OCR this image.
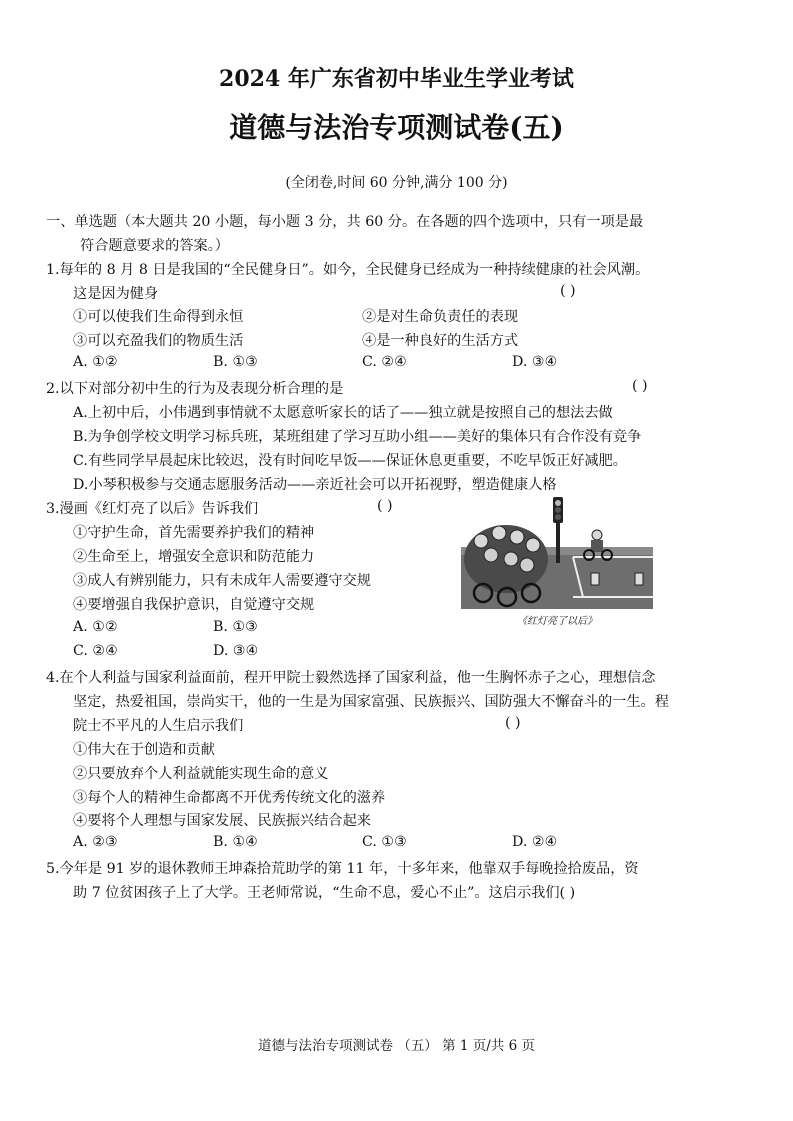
2024 年广东省初中毕业生学业考试
道德与法治专项测试卷(五)
(全闭卷,时间 60 分钟,满分 100 分)
一、单选题（本大题共 20 小题，每小题 3 分，共 60 分。在各题的四个选项中，只有一项是最
符合题意要求的答案。）
1.每年的 8 月 8 日是我国的“全民健身日”。如今，全民健身已经成为一种持续健康的社会风潮。
这是因为健身	( )
①可以使我们生命得到永恒	②是对生命负责任的表现
③可以充盈我们的物质生活	④是一种良好的生活方式
A. ①②	B. ①③	C. ②④	D. ③④
2.以下对部分初中生的行为及表现分析合理的是	( )
A.上初中后，小伟遇到事情就不太愿意听家长的话了——独立就是按照自己的想法去做
B.为争创学校文明学习标兵班，某班组建了学习互助小组——美好的集体只有合作没有竞争
C.有些同学早晨起床比较迟，没有时间吃早饭——保证休息更重要，不吃早饭正好减肥。
D.小琴积极参与交通志愿服务活动——亲近社会可以开拓视野，塑造健康人格
3.漫画《红灯亮了以后》告诉我们	( )
①守护生命，首先需要养护我们的精神
②生命至上，增强安全意识和防范能力
③成人有辨别能力，只有未成年人需要遵守交规
④要增强自我保护意识，自觉遵守交规
A. ①②	B. ①③
C. ②④	D. ③④
《红灯亮了以后》
4.在个人利益与国家利益面前，程开甲院士毅然选择了国家利益，他一生胸怀赤子之心，理想信念
坚定，热爱祖国，崇尚实干，他的一生是为国家富强、民族振兴、国防强大不懈奋斗的一生。程
院士不平凡的人生启示我们	( )
①伟大在于创造和贡献
②只要放弃个人利益就能实现生命的意义
③每个人的精神生命都离不开优秀传统文化的滋养
④要将个人理想与国家发展、民族振兴结合起来
A. ②③	B. ①④	C. ①③	D. ②④
5.今年是 91 岁的退休教师王坤森拾荒助学的第 11 年，十多年来，他靠双手每晚捡拾废品，资
助 7 位贫困孩子上了大学。王老师常说，“生命不息，爱心不止”。这启示我们( )
道德与法治专项测试卷 （五） 第 1 页/共 6 页
